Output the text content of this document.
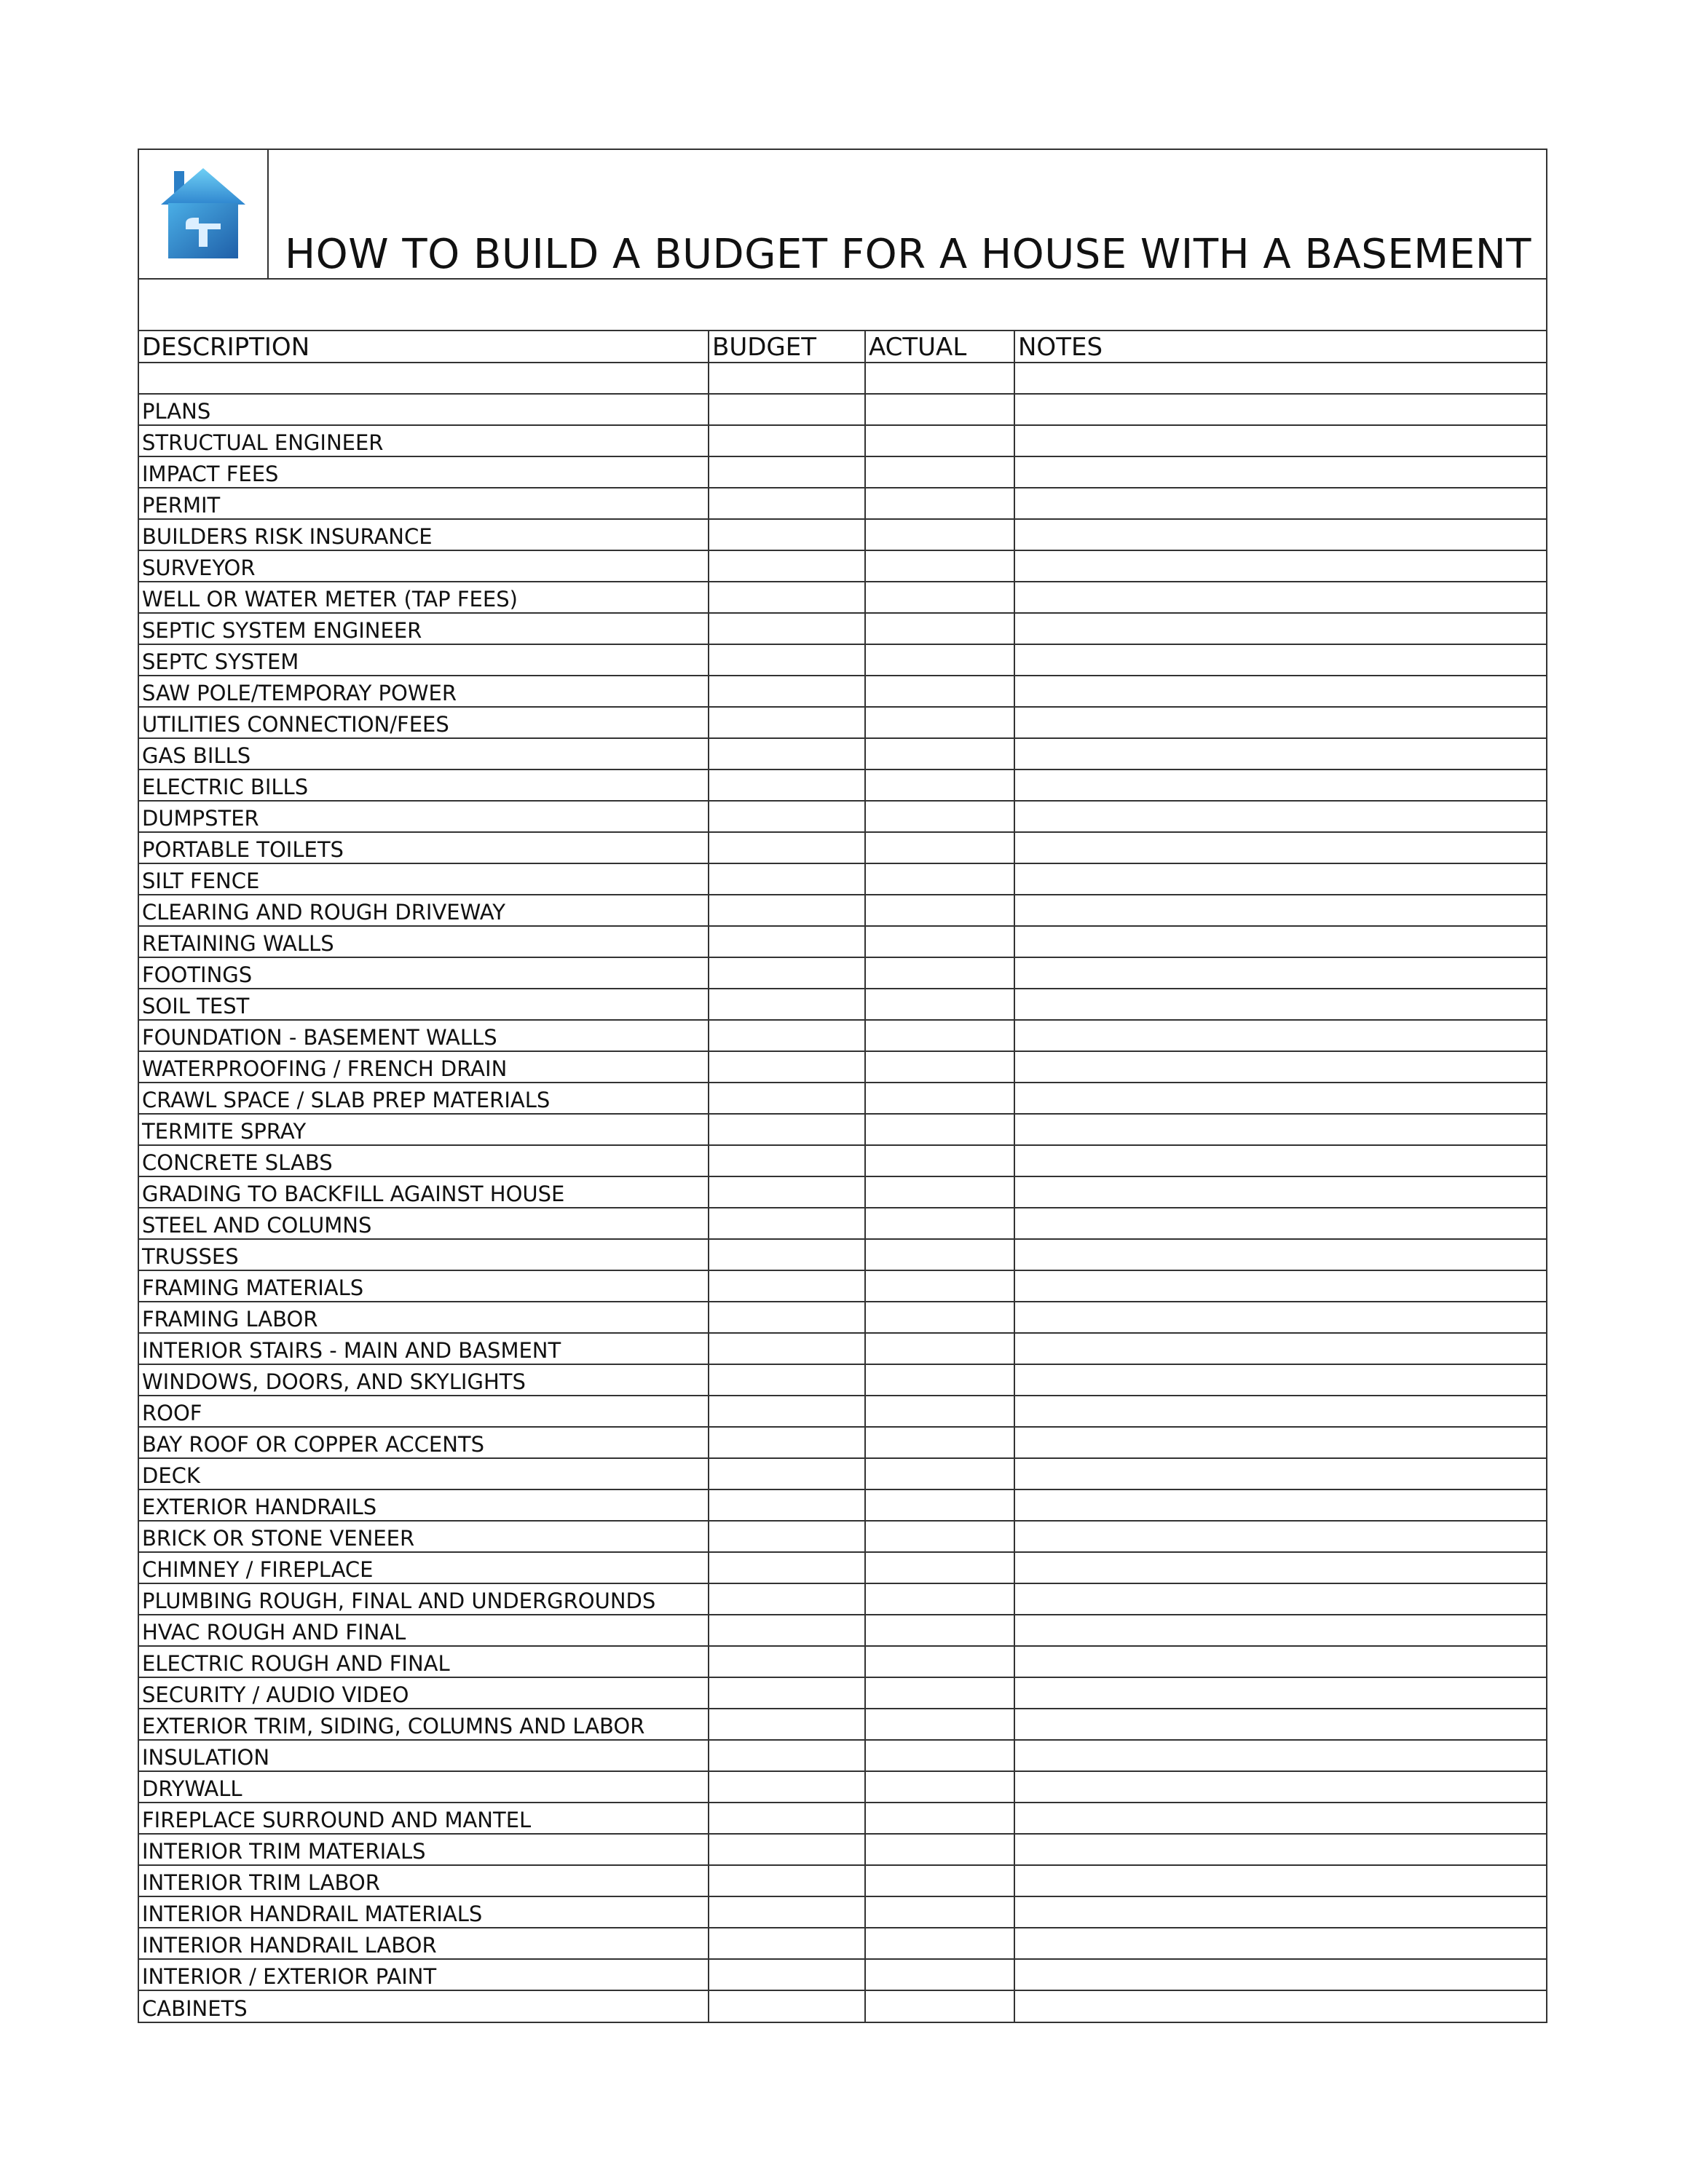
HOW TO BUILD A BUDGET FOR A HOUSE WITH A BASEMENT
DESCRIPTION	BUDGET	ACTUAL	NOTES

PLANS			
STRUCTUAL ENGINEER			
IMPACT FEES			
PERMIT			
BUILDERS RISK INSURANCE			
SURVEYOR			
WELL OR WATER METER (TAP FEES)			
SEPTIC SYSTEM ENGINEER			
SEPTC SYSTEM			
SAW POLE/TEMPORAY POWER			
UTILITIES CONNECTION/FEES			
GAS BILLS			
ELECTRIC BILLS			
DUMPSTER			
PORTABLE TOILETS			
SILT FENCE			
CLEARING AND ROUGH DRIVEWAY			
RETAINING WALLS			
FOOTINGS			
SOIL TEST			
FOUNDATION - BASEMENT WALLS			
WATERPROOFING / FRENCH DRAIN			
CRAWL SPACE / SLAB PREP MATERIALS			
TERMITE SPRAY			
CONCRETE SLABS			
GRADING TO BACKFILL AGAINST HOUSE			
STEEL AND COLUMNS			
TRUSSES			
FRAMING MATERIALS			
FRAMING LABOR			
INTERIOR STAIRS - MAIN AND BASMENT			
WINDOWS, DOORS, AND SKYLIGHTS			
ROOF			
BAY ROOF OR COPPER ACCENTS			
DECK			
EXTERIOR HANDRAILS			
BRICK OR STONE VENEER			
CHIMNEY / FIREPLACE			
PLUMBING ROUGH, FINAL AND UNDERGROUNDS			
HVAC ROUGH AND FINAL			
ELECTRIC ROUGH AND FINAL			
SECURITY / AUDIO VIDEO			
EXTERIOR TRIM, SIDING, COLUMNS AND LABOR			
INSULATION			
DRYWALL			
FIREPLACE SURROUND AND MANTEL			
INTERIOR TRIM MATERIALS			
INTERIOR TRIM LABOR			
INTERIOR HANDRAIL MATERIALS			
INTERIOR HANDRAIL LABOR			
INTERIOR / EXTERIOR PAINT			
CABINETS			
